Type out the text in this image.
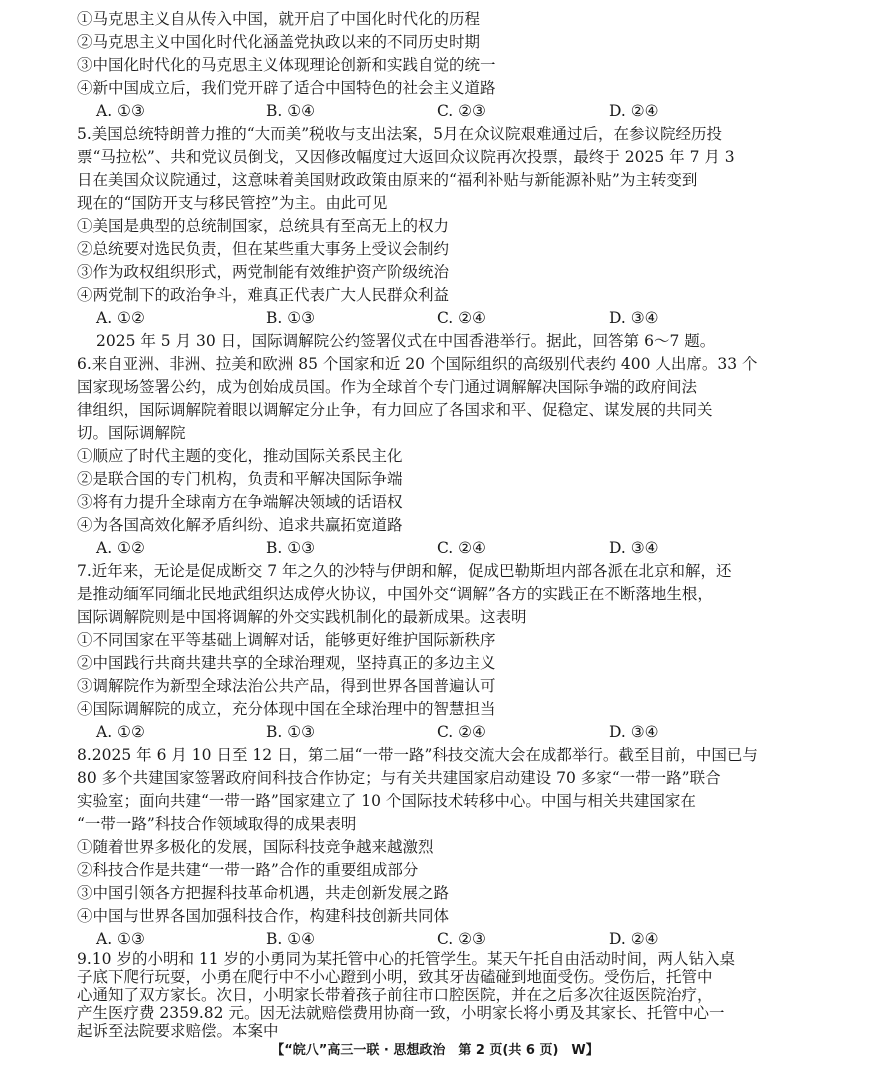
①马克思主义自从传入中国，就开启了中国化时代化的历程
②马克思主义中国化时代化涵盖党执政以来的不同历史时期
③中国化时代化的马克思主义体现理论创新和实践自觉的统一
④新中国成立后，我们党开辟了适合中国特色的社会主义道路
A. ①③	B. ①④	C. ②③	D. ②④
5.美国总统特朗普力推的“大而美”税收与支出法案，5月在众议院艰难通过后，在参议院经历投
票“马拉松”、共和党议员倒戈，又因修改幅度过大返回众议院再次投票，最终于 2025 年 7 月 3
日在美国众议院通过，这意味着美国财政政策由原来的“福利补贴与新能源补贴”为主转变到
现在的“国防开支与移民管控”为主。由此可见
①美国是典型的总统制国家，总统具有至高无上的权力
②总统要对选民负责，但在某些重大事务上受议会制约
③作为政权组织形式，两党制能有效维护资产阶级统治
④两党制下的政治争斗，难真正代表广大人民群众利益
A. ①②	B. ①③	C. ②④	D. ③④
2025 年 5 月 30 日，国际调解院公约签署仪式在中国香港举行。据此，回答第 6～7 题。
6.来自亚洲、非洲、拉美和欧洲 85 个国家和近 20 个国际组织的高级别代表约 400 人出席。33 个
国家现场签署公约，成为创始成员国。作为全球首个专门通过调解解决国际争端的政府间法
律组织，国际调解院着眼以调解定分止争，有力回应了各国求和平、促稳定、谋发展的共同关
切。国际调解院
①顺应了时代主题的变化，推动国际关系民主化
②是联合国的专门机构，负责和平解决国际争端
③将有力提升全球南方在争端解决领域的话语权
④为各国高效化解矛盾纠纷、追求共赢拓宽道路
A. ①②	B. ①③	C. ②④	D. ③④
7.近年来，无论是促成断交 7 年之久的沙特与伊朗和解，促成巴勒斯坦内部各派在北京和解，还
是推动缅军同缅北民地武组织达成停火协议，中国外交“调解”各方的实践正在不断落地生根，
国际调解院则是中国将调解的外交实践机制化的最新成果。这表明
①不同国家在平等基础上调解对话，能够更好维护国际新秩序
②中国践行共商共建共享的全球治理观，坚持真正的多边主义
③调解院作为新型全球法治公共产品，得到世界各国普遍认可
④国际调解院的成立，充分体现中国在全球治理中的智慧担当
A. ①②	B. ①③	C. ②④	D. ③④
8.2025 年 6 月 10 日至 12 日，第二届“一带一路”科技交流大会在成都举行。截至目前，中国已与
80 多个共建国家签署政府间科技合作协定；与有关共建国家启动建设 70 多家“一带一路”联合
实验室；面向共建“一带一路”国家建立了 10 个国际技术转移中心。中国与相关共建国家在
“一带一路”科技合作领域取得的成果表明
①随着世界多极化的发展，国际科技竞争越来越激烈
②科技合作是共建“一带一路”合作的重要组成部分
③中国引领各方把握科技革命机遇，共走创新发展之路
④中国与世界各国加强科技合作，构建科技创新共同体
A. ①③	B. ①④	C. ②③	D. ②④
9.10 岁的小明和 11 岁的小勇同为某托管中心的托管学生。某天午托自由活动时间，两人钻入桌
子底下爬行玩耍，小勇在爬行中不小心蹬到小明，致其牙齿磕碰到地面受伤。受伤后，托管中
心通知了双方家长。次日，小明家长带着孩子前往市口腔医院，并在之后多次往返医院治疗，
产生医疗费 2359.82 元。因无法就赔偿费用协商一致，小明家长将小勇及其家长、托管中心一
起诉至法院要求赔偿。本案中
【“皖八”高三一联 · 思想政治　第 2 页(共 6 页)　W】
